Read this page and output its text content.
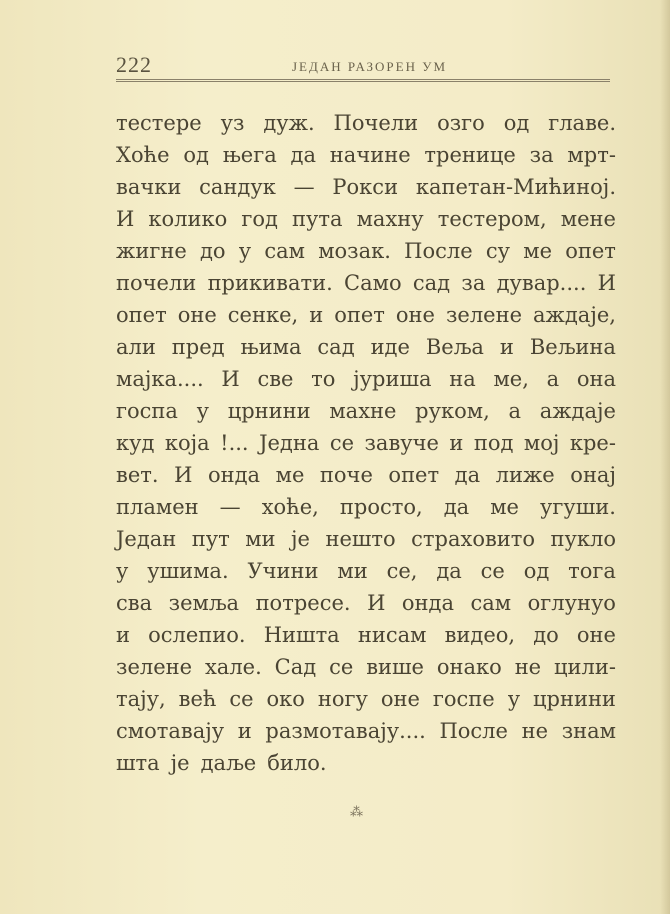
222	ЈЕДАН РАЗОРЕН УМ
тестере уз дуж. Почели озго од главе.
Хоће од њега да начине тренице за мрт-
вачки сандук — Рокси капетан-Мићиној.
И колико год пута махну тестером, мене
жигне до у сам мозак. После су ме опет
почели прикивати. Само сад за дувар.... И
опет оне сенке, и опет оне зелене аждаје,
али пред њима сад иде Веља и Вељина
мајка.... И све то јуриша на ме, а она
госпа у црнини махне руком, а аждаје
куд која !... Једна се завуче и под мој кре-
вет. И онда ме поче опет да лиже онај
пламен — хоће, просто, да ме угуши.
Један пут ми је нешто страховито пукло
у ушима. Учини ми се, да се од тога
сва земља потресе. И онда сам оглунуо
и ослепио. Ништа нисам видео, до оне
зелене хале. Сад се више онако не цили-
тају, већ се око ногу оне госпе у црнини
смотавају и размотавају.... После не знам
шта је даље било.
⁂
